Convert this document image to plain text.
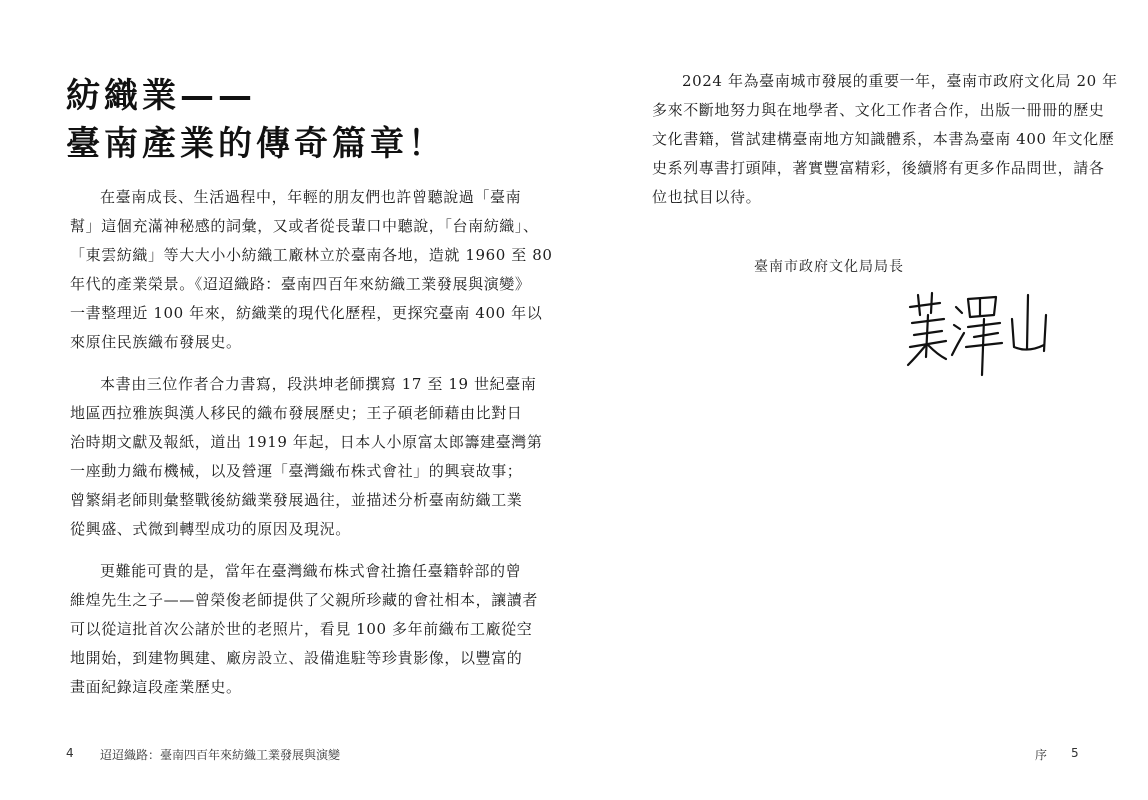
紡織業——
臺南產業的傳奇篇章！
在臺南成長、生活過程中，年輕的朋友們也許曾聽說過「臺南
幫」這個充滿神秘感的詞彙，又或者從長輩口中聽說，「台南紡織」、
「東雲紡織」等大大小小紡織工廠林立於臺南各地，造就 1960 至 80
年代的產業榮景。《迢迢織路：臺南四百年來紡織工業發展與演變》
一書整理近 100 年來，紡織業的現代化歷程，更探究臺南 400 年以
來原住民族織布發展史。
本書由三位作者合力書寫，段洪坤老師撰寫 17 至 19 世紀臺南
地區西拉雅族與漢人移民的織布發展歷史；王子碩老師藉由比對日
治時期文獻及報紙，道出 1919 年起，日本人小原富太郎籌建臺灣第
一座動力織布機械，以及營運「臺灣織布株式會社」的興衰故事；
曾繁絹老師則彙整戰後紡織業發展過往，並描述分析臺南紡織工業
從興盛、式微到轉型成功的原因及現況。
更難能可貴的是，當年在臺灣織布株式會社擔任臺籍幹部的曾
維煌先生之子——曾榮俊老師提供了父親所珍藏的會社相本，讓讀者
可以從這批首次公諸於世的老照片，看見 100 多年前織布工廠從空
地開始，到建物興建、廠房設立、設備進駐等珍貴影像，以豐富的
畫面紀錄這段產業歷史。
4 迢迢織路：臺南四百年來紡織工業發展與演變
2024 年為臺南城市發展的重要一年，臺南市政府文化局 20 年
多來不斷地努力與在地學者、文化工作者合作，出版一冊冊的歷史
文化書籍，嘗試建構臺南地方知識體系，本書為臺南 400 年文化歷
史系列專書打頭陣，著實豐富精彩，後續將有更多作品問世，請各
位也拭目以待。
臺南市政府文化局局長
序 5
